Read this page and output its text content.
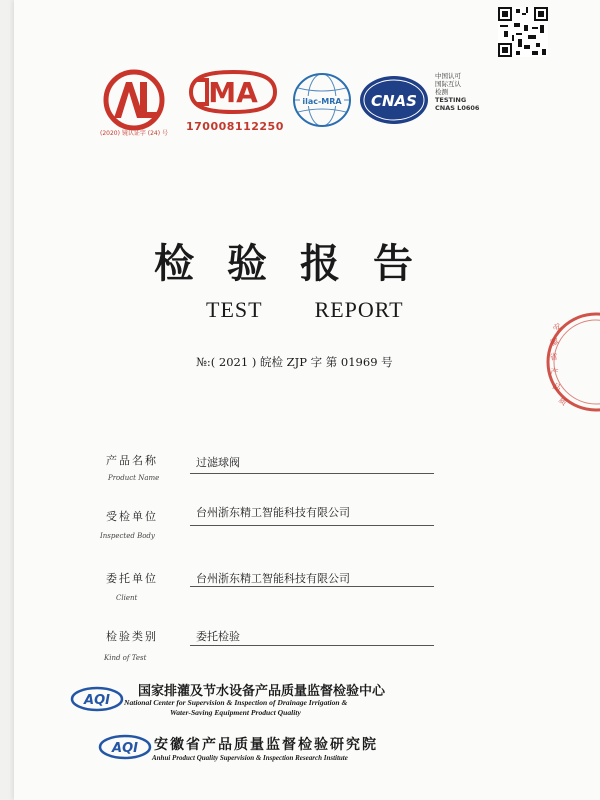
(2020) 镜认证字 (24) 号
MA
170008112250
ilac-MRA CNAS
中国认可
国际互认
检测
TESTING
CNAS L0606
检验报告
TEST REPORT
№:( 2021 ) 皖检 ZJP 字 第 01969 号
安
徽
省
产
品
质
产品名称
Product Name
过滤球阀
受检单位
Inspected Body
台州浙东精工智能科技有限公司
委托单位
Client
台州浙东精工智能科技有限公司
检验类别
Kind of Test
委托检验
AQI
国家排灌及节水设备产品质量监督检验中心
National Center for Supervision & Inspection of Drainage Irrigation &
Water-Saving Equipment Product Quality
AQI 安徽省产品质量监督检验研究院
Anhui Product Quality Supervision & Inspection Research Institute
